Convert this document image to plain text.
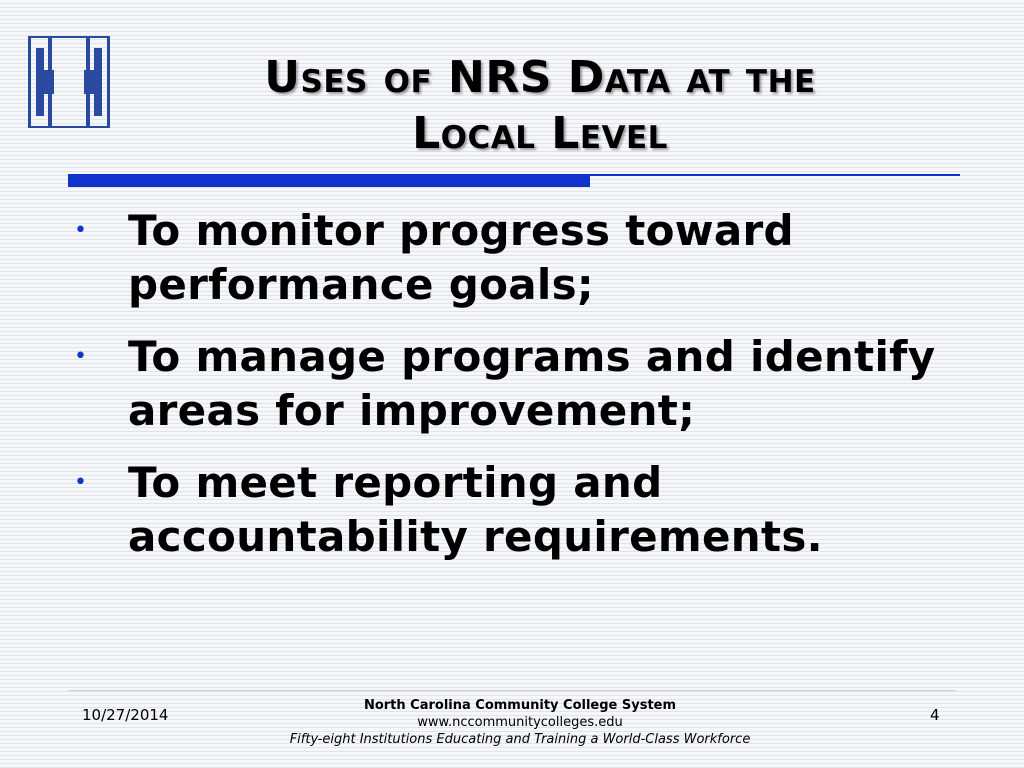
Uses of NRS Data at the
Local Level
• To monitor progress toward performance goals;
• To manage programs and identify areas for improvement;
• To meet reporting and accountability requirements.
10/27/2014
North Carolina Community College System
www.nccommunitycolleges.edu
Fifty-eight Institutions Educating and Training a World-Class Workforce
4
